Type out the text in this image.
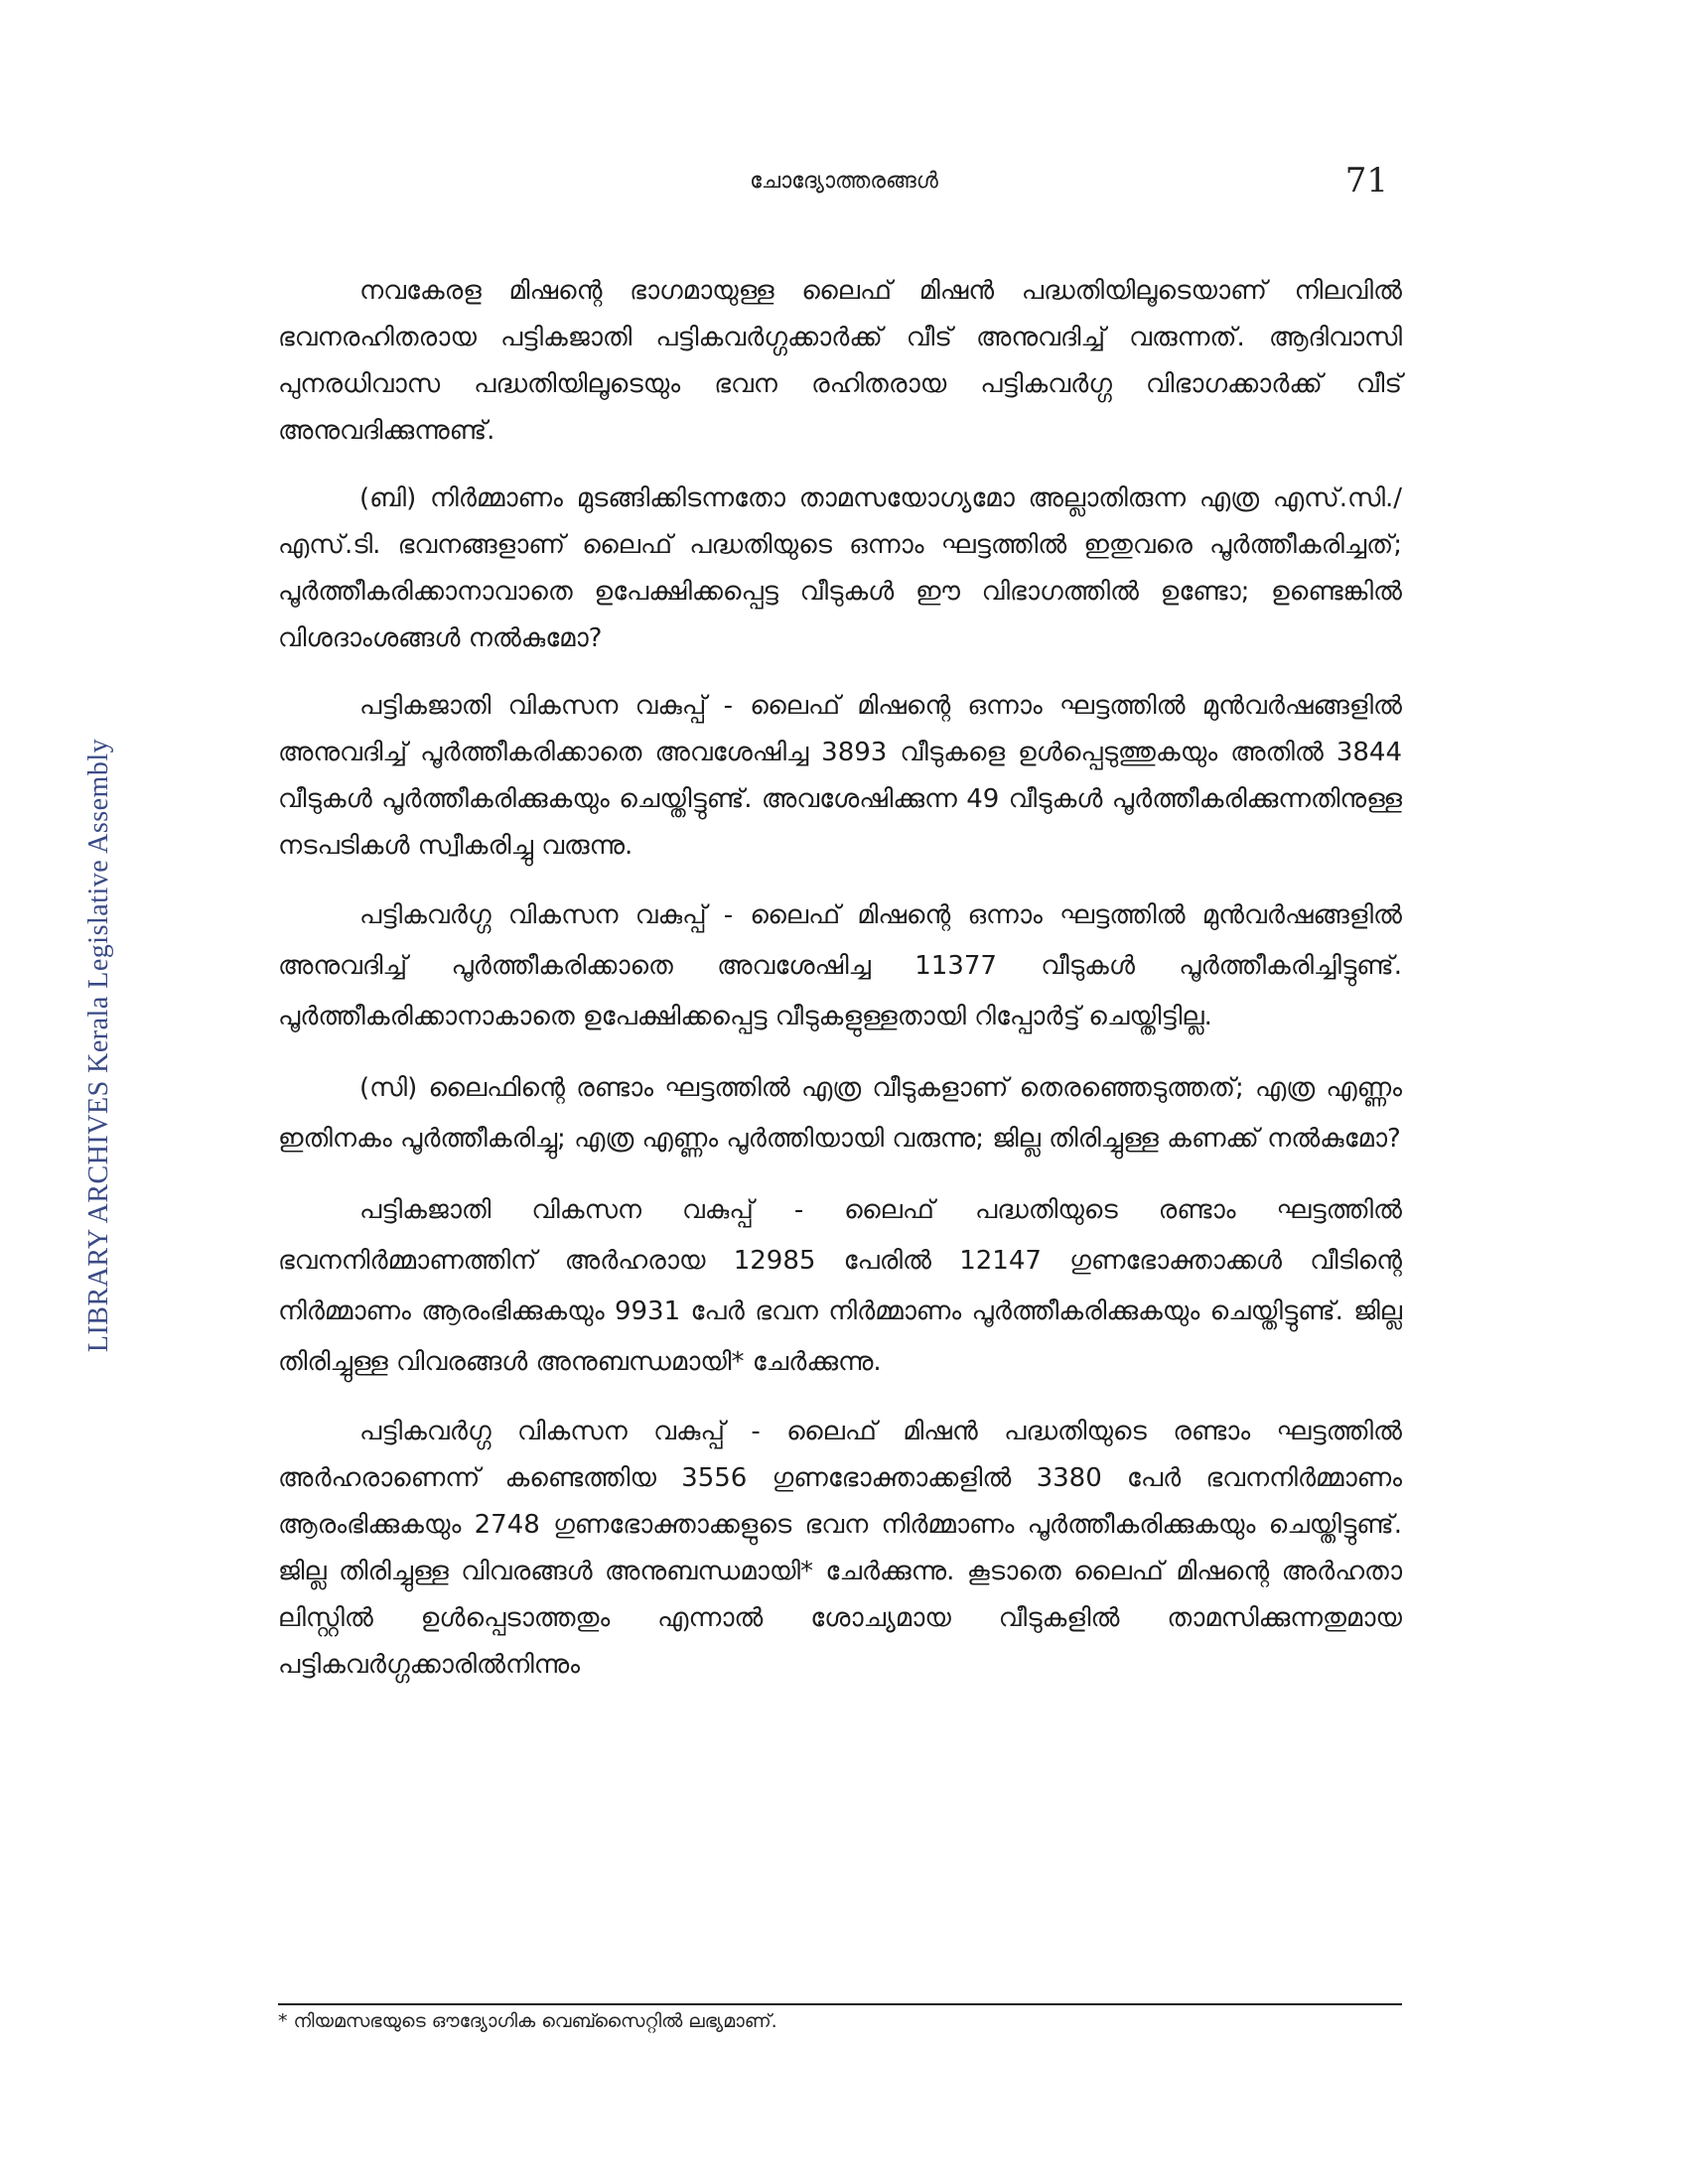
ചോദ്യോത്തരങ്ങൾ	71
LIBRARY ARCHIVES Kerala Legislative Assembly

നവകേരള മിഷന്റെ ഭാഗമായുള്ള ലൈഫ് മിഷൻ പദ്ധതിയിലൂടെയാണ് നിലവിൽ ഭവനരഹിതരായ പട്ടികജാതി പട്ടികവർഗ്ഗക്കാർക്ക് വീട് അനുവദിച്ച് വരുന്നത്. ആദിവാസി പുനരധിവാസ പദ്ധതിയിലൂടെയും ഭവന രഹിതരായ പട്ടികവർഗ്ഗ വിഭാഗക്കാർക്ക് വീട് അനുവദിക്കുന്നുണ്ട്.

(ബി) നിർമ്മാണം മുടങ്ങിക്കിടന്നതോ താമസയോഗ്യമോ അല്ലാതിരുന്ന എത്ര എസ്.സി./എസ്.ടി. ഭവനങ്ങളാണ് ലൈഫ് പദ്ധതിയുടെ ഒന്നാം ഘട്ടത്തിൽ ഇതുവരെ പൂർത്തീകരിച്ചത്; പൂർത്തീകരിക്കാനാവാതെ ഉപേക്ഷിക്കപ്പെട്ട വീടുകൾ ഈ വിഭാഗത്തിൽ ഉണ്ടോ; ഉണ്ടെങ്കിൽ വിശദാംശങ്ങൾ നൽകുമോ?

പട്ടികജാതി വികസന വകുപ്പ് - ലൈഫ് മിഷന്റെ ഒന്നാം ഘട്ടത്തിൽ മുൻവർഷങ്ങളിൽ അനുവദിച്ച് പൂർത്തീകരിക്കാതെ അവശേഷിച്ച 3893 വീടുകളെ ഉൾപ്പെടുത്തുകയും അതിൽ 3844 വീടുകൾ പൂർത്തീകരിക്കുകയും ചെയ്തിട്ടുണ്ട്. അവശേഷിക്കുന്ന 49 വീടുകൾ പൂർത്തീകരിക്കുന്നതിനുള്ള നടപടികൾ സ്വീകരിച്ചു വരുന്നു.

പട്ടികവർഗ്ഗ വികസന വകുപ്പ് - ലൈഫ് മിഷന്റെ ഒന്നാം ഘട്ടത്തിൽ മുൻവർഷങ്ങളിൽ അനുവദിച്ച് പൂർത്തീകരിക്കാതെ അവശേഷിച്ച 11377 വീടുകൾ പൂർത്തീകരിച്ചിട്ടുണ്ട്. പൂർത്തീകരിക്കാനാകാതെ ഉപേക്ഷിക്കപ്പെട്ട വീടുകളുള്ളതായി റിപ്പോർട്ട് ചെയ്തിട്ടില്ല.

(സി) ലൈഫിന്റെ രണ്ടാം ഘട്ടത്തിൽ എത്ര വീടുകളാണ് തെരഞ്ഞെടുത്തത്; എത്ര എണ്ണം ഇതിനകം പൂർത്തീകരിച്ചു; എത്ര എണ്ണം പൂർത്തിയായി വരുന്നു; ജില്ല തിരിച്ചുള്ള കണക്ക് നൽകുമോ?

പട്ടികജാതി വികസന വകുപ്പ് - ലൈഫ് പദ്ധതിയുടെ രണ്ടാം ഘട്ടത്തിൽ ഭവനനിർമ്മാണത്തിന് അർഹരായ 12985 പേരിൽ 12147 ഗുണഭോക്താക്കൾ വീടിന്റെ നിർമ്മാണം ആരംഭിക്കുകയും 9931 പേർ ഭവന നിർമ്മാണം പൂർത്തീകരിക്കുകയും ചെയ്തിട്ടുണ്ട്. ജില്ല തിരിച്ചുള്ള വിവരങ്ങൾ അനുബന്ധമായി* ചേർക്കുന്നു.

പട്ടികവർഗ്ഗ വികസന വകുപ്പ് - ലൈഫ് മിഷൻ പദ്ധതിയുടെ രണ്ടാം ഘട്ടത്തിൽ അർഹരാണെന്ന് കണ്ടെത്തിയ 3556 ഗുണഭോക്താക്കളിൽ 3380 പേർ ഭവനനിർമ്മാണം ആരംഭിക്കുകയും 2748 ഗുണഭോക്താക്കളുടെ ഭവന നിർമ്മാണം പൂർത്തീകരിക്കുകയും ചെയ്തിട്ടുണ്ട്. ജില്ല തിരിച്ചുള്ള വിവരങ്ങൾ അനുബന്ധമായി* ചേർക്കുന്നു. കൂടാതെ ലൈഫ് മിഷന്റെ അർഹതാ ലിസ്റ്റിൽ ഉൾപ്പെടാത്തതും എന്നാൽ ശോച്യമായ വീടുകളിൽ താമസിക്കുന്നതുമായ പട്ടികവർഗ്ഗക്കാരിൽനിന്നും

* നിയമസഭയുടെ ഔദ്യോഗിക വെബ്സൈറ്റിൽ ലഭ്യമാണ്.
